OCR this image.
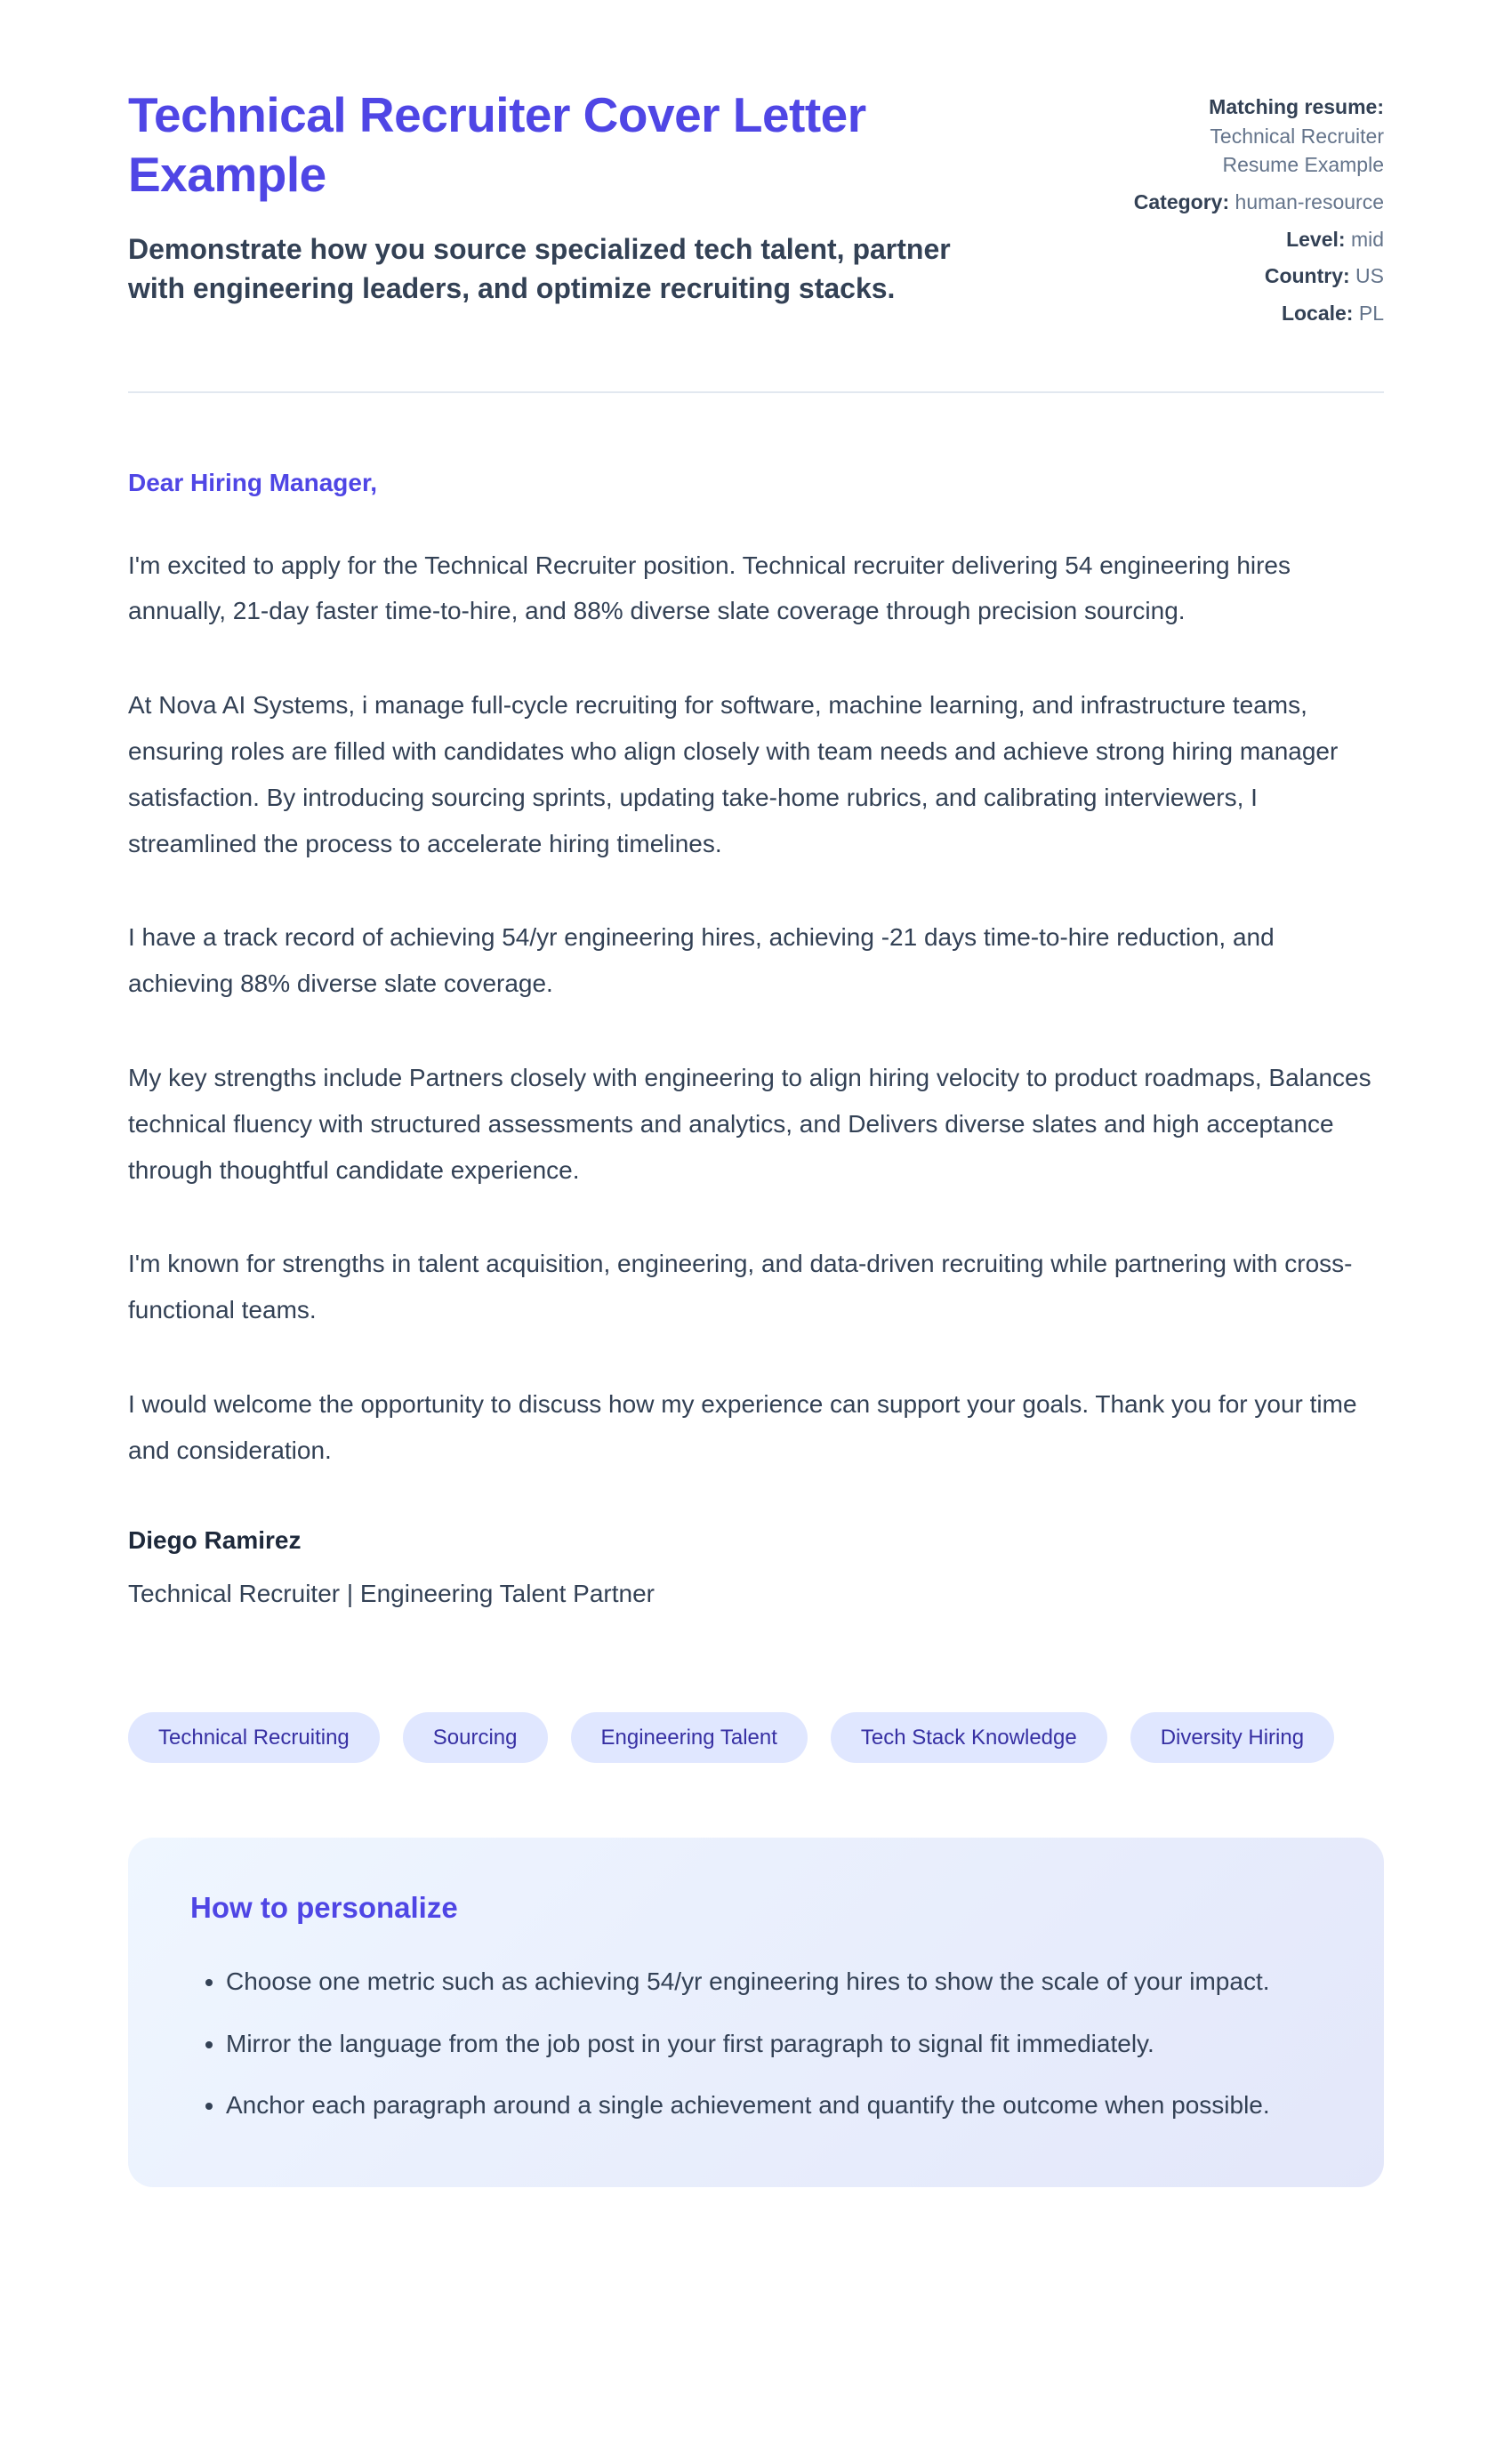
Technical Recruiter Cover Letter Example

Demonstrate how you source specialized tech talent, partner with engineering leaders, and optimize recruiting stacks.

Matching resume: Technical Recruiter Resume Example

Category: human-resource

Level: mid

Country: US

Locale: PL

Dear Hiring Manager,

I'm excited to apply for the Technical Recruiter position. Technical recruiter delivering 54 engineering hires annually, 21-day faster time-to-hire, and 88% diverse slate coverage through precision sourcing.

At Nova AI Systems, i manage full-cycle recruiting for software, machine learning, and infrastructure teams, ensuring roles are filled with candidates who align closely with team needs and achieve strong hiring manager satisfaction. By introducing sourcing sprints, updating take-home rubrics, and calibrating interviewers, I streamlined the process to accelerate hiring timelines.

I have a track record of achieving 54/yr engineering hires, achieving -21 days time-to-hire reduction, and achieving 88% diverse slate coverage.

My key strengths include Partners closely with engineering to align hiring velocity to product roadmaps, Balances technical fluency with structured assessments and analytics, and Delivers diverse slates and high acceptance through thoughtful candidate experience.

I'm known for strengths in talent acquisition, engineering, and data-driven recruiting while partnering with cross-functional teams.

I would welcome the opportunity to discuss how my experience can support your goals. Thank you for your time and consideration.

Diego Ramirez

Technical Recruiter | Engineering Talent Partner

Technical Recruiting	Sourcing	Engineering Talent	Tech Stack Knowledge	Diversity Hiring
How to personalize
• Choose one metric such as achieving 54/yr engineering hires to show the scale of your impact.
• Mirror the language from the job post in your first paragraph to signal fit immediately.
• Anchor each paragraph around a single achievement and quantify the outcome when possible.
